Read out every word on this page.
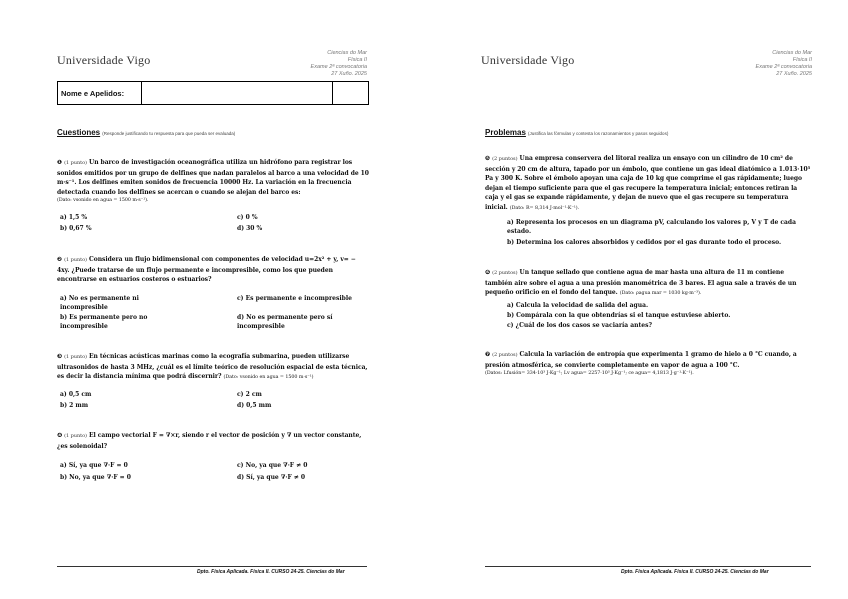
Universidade Vigo	Ciencias do Mar
Física II
Exame 2ª convocatoria
27 Xuño. 2025
Nome e Apelidos:
Cuestiones (Responde justificando tu respuesta para que pueda ser evaluada)
❶ (1 punto) Un barco de investigación oceanográfica utiliza un hidrófono para registrar los sonidos emitidos por un grupo de delfines que nadan paralelos al barco a una velocidad de 10 m·s⁻¹. Los delfines emiten sonidos de frecuencia 10000 Hz. La variación en la frecuencia detectada cuando los delfines se acercan o cuando se alejan del barco es:
(Dato: vsonido en agua = 1500 m·s⁻¹).
a) 1,5 %
b) 0,67 %
c) 0 %
d) 30 %
❷ (1 punto) Considera un flujo bidimensional con componentes de velocidad u=2x² + y, v= − 4xy. ¿Puede tratarse de un flujo permanente e incompresible, como los que pueden encontrarse en estuarios costeros o estuarios?
a) No es permanente ni incompresible
b) Es permanente pero no incompresible
c) Es permanente e incompresible
d) No es permanente pero sí incompresible
❸ (1 punto) En técnicas acústicas marinas como la ecografía submarina, pueden utilizarse ultrasonidos de hasta 3 MHz, ¿cuál es el límite teórico de resolución espacial de esta técnica, es decir la distancia mínima que podrá discernir? (Dato: vsonido en agua = 1500 m·s⁻¹)
a) 0,5 cm
b) 2 mm
c) 2 cm
d) 0,5 mm
❹ (1 punto) El campo vectorial F = ∇×r, siendo r el vector de posición y ∇ un vector constante, ¿es solenoidal?
a) Sí, ya que ∇·F = 0
b) No, ya que ∇·F = 0
c) No, ya que ∇·F ≠ 0
d) Sí, ya que ∇·F ≠ 0
Dpto. Física Aplicada. Física II. CURSO 24-25. Ciencias do Mar
Universidade Vigo	Ciencias do Mar
Física II
Exame 2ª convocatoria
27 Xuño. 2025
Problemas (Justifica las fórmulas y contesta los razonamientos y pasos seguidos)
❺ (2 puntos) Una empresa conservera del litoral realiza un ensayo con un cilindro de 10 cm² de sección y 20 cm de altura, tapado por un émbolo, que contiene un gas ideal diatómico a 1.013·10⁵ Pa y 300 K. Sobre el émbolo apoyan una caja de 10 kg que comprime el gas rápidamente; luego dejan el tiempo suficiente para que el gas recupere la temperatura inicial; entonces retiran la caja y el gas se expande rápidamente, y dejan de nuevo que el gas recupere su temperatura inicial. (Dato: R= 8,314 J·mol⁻¹·K⁻¹).
a) Representa los procesos en un diagrama pV, calculando los valores p, V y T de cada estado.
b) Determina los calores absorbidos y cedidos por el gas durante todo el proceso.
❻ (2 puntos) Un tanque sellado que contiene agua de mar hasta una altura de 11 m contiene también aire sobre el agua a una presión manométrica de 3 bares. El agua sale a través de un pequeño orificio en el fondo del tanque. (Dato: ρagua mar = 1030 kg·m⁻³).
a) Calcula la velocidad de salida del agua.
b) Compárala con la que obtendrías si el tanque estuviese abierto.
c) ¿Cuál de los dos casos se vaciaría antes?
❼ (2 puntos) Calcula la variación de entropía que experimenta 1 gramo de hielo a 0 °C cuando, a presión atmosférica, se convierte completamente en vapor de agua a 100 °C.
(Datos: Lfusión= 334·10³ J·Kg⁻¹; Lv agua= 2257·10³ J·Kg⁻¹; ce agua= 4,1813 J·g⁻¹·K⁻¹).
Dpto. Física Aplicada. Física II. CURSO 24-25. Ciencias do Mar
